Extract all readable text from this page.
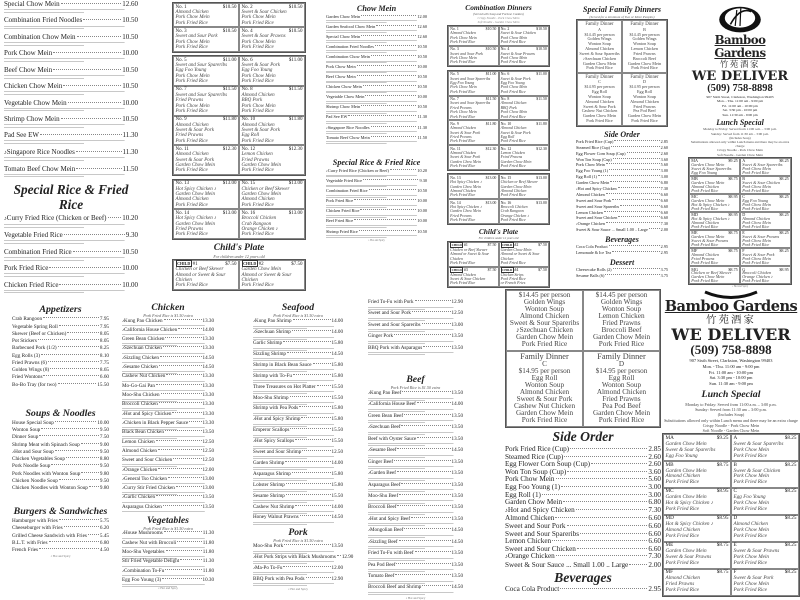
Special Chow Mein	12.60
Combination Fried Noodles	10.50
Combination Chow Mein	10.50
Pork Chow Mein	10.00
Beef Chow Mein	10.50
Chicken Chow Mein	10.50
Vegetable Chow Mein	10.00
Shrimp Chow Mein	10.50
Pad See EW	11.30
♪ Singapore Rice Noodles	11.30
Tomato Beef Chow Mein	11.50
Special Rice & Fried Rice
♪ Curry Fried Rice (Chicken or Beef) 10.20
Vegetable Fried Rice	9.30
Combination Fried Rice	10.50
Pork Fried Rice	10.00
Chicken Fried Rice	10.00
No. 1	$10.50
Almond Chicken
Pork Chow Mein
Pork Fried Rice
No. 2	$10.50
Sweet & Sour Chicken
Pork Chow Mein
Pork Fried Rice
No. 3	$10.50
Sweet and Sour Pork
Pork Chow Mein
Pork Fried Rice
No. 4	$10.50
Sweet & Sour Prawns
Pork Chow Mein
Pork Fried Rice
No. 5	$11.00
Sweet and Sour Spareribs
Egg Foo Young
Pork Chow Mein
Pork Fried Rice
No. 6	$11.00
Sweet & Sour Pork
Egg Foo Young
Pork Chow Mein
Pork Fried Rice
No. 7	$11.50
Sweet and Sour Spareribs
Fried Prawns
Pork Chow Mein
Pork Fried Rice
No. 8	$11.50
Almond Chicken
BBQ Pork
Pork Chow Mein
Pork Fried Rice
No. 9	$11.80
Almond Chicken
Sweet & Sour Pork
Fried Prawns
Pork Fried Rice
No. 10	$11.80
Almond Chicken
Sweet & Sour Pork
Egg Roll
Pork Fried Rice
No. 11	$12.30
Almond Chicken
Sweet & Sour Pork
Garden Chow Mein
Pork Fried Rice
No. 12	$12.30
Lemon Chicken
Fried Prawns
Garden Chow Mein
Pork Fried Rice
No. 13	$13.00
Hot Spicy Chicken ♪
Garden Chow Mein
Almond Chicken
Pork Fried Rice
No. 15	$13.00
Chicken or Beef Skewer
Garden Chow Mein
Almond Chicken
Pork Fried Rice
No. 14	$13.00
Hot Spicy Chicken ♪
Garden Chow Mein
Fried Prawns
Pork Fried Rice
No. 16	$13.00
Broccoli Chicken
Crab Rangoon
Orange Chicken ♪
Pork Fried Rice
Child's Plate
For children under 12 years old
CHILD #1	$7.50
Chicken or Beef Skewer
Almond or Sweet & Sour Chicken
Pork Fried Rice
CHILD #2	$7.50
Garden Chow Mein
Almond or Sweet & Sour Chicken
Pork Fried Rice
Chow Mein
Garden Chow Mein	12.00
Garden Seafood Chow Mein	12.60
Special Chow Mein	12.60
Combination Fried Noodles	10.50
Combination Chow Mein	10.50
Pork Chow Mein	10.00
Beef Chow Mein	10.50
Chicken Chow Mein	10.50
Vegetable Chow Mein	10.00
Shrimp Chow Mein	10.50
Pad See EW	11.30
♪ Singapore Rice Noodles	11.30
Tomato Beef Chow Mein	11.50
Special Rice & Fried Rice
♪ Curry Fried Rice (Chicken or Beef)	10.20
Vegetable Fried Rice	9.30
Combination Fried Rice	10.50
Pork Fried Rice	10.00
Chicken Fried Rice	10.00
Beef Fried Rice	10.00
Shrimp Fried Rice	10.50
♪ Hot and Spicy
Combination Dinners
(Served with Soup and Fortune Cookies)
Crispy Noodle - Pork Chow Mein
Soft Noodle - Garden Chow Mein
No. 1	$10.50
Almond Chicken
Pork Chow Mein
Pork Fried Rice
No. 2	$10.50
Sweet & Sour Chicken
Pork Chow Mein
Pork Fried Rice
No. 3	$10.50
Sweet and Sour Pork
Pork Chow Mein
Pork Fried Rice
No. 4	$10.50
Sweet & Sour Prawns
Pork Chow Mein
Pork Fried Rice
No. 5	$11.00
Sweet and Sour Spareribs
Egg Foo Young
Pork Chow Mein
Pork Fried Rice
No. 6	$11.00
Sweet & Sour Pork
Egg Foo Young
Pork Chow Mein
Pork Fried Rice
No. 7	$11.50
Sweet and Sour Spareribs
Fried Prawns
Pork Chow Mein
Pork Fried Rice
No. 8	$11.50
Almond Chicken
BBQ Pork
Pork Chow Mein
Pork Fried Rice
No. 9	$11.80
Almond Chicken
Sweet & Sour Pork
Fried Prawns
Pork Fried Rice
No. 10	$11.80
Almond Chicken
Sweet & Sour Pork
Egg Roll
Pork Fried Rice
No. 11	$12.30
Almond Chicken
Sweet & Sour Pork
Garden Chow Mein
Pork Fried Rice
No. 12	$12.30
Lemon Chicken
Fried Prawns
Garden Chow Mein
Pork Fried Rice
No. 13	$13.00
Hot Spicy Chicken ♪
Garden Chow Mein
Almond Chicken
Pork Fried Rice
No. 15	$13.00
Chicken or Beef Skewer
Garden Chow Mein
Almond Chicken
Pork Fried Rice
No. 14	$13.00
Hot Spicy Chicken ♪
Garden Chow Mein
Fried Prawns
Pork Fried Rice
No. 16	$13.00
Broccoli Chicken
Crab Rangoon
Orange Chicken ♪
Pork Fried Rice
Child's Plate
For children under 12 years old
CHILD #1	$7.50
Chicken or Beef Skewer
Almond or Sweet & Sour Chicken
Pork Fried Rice
CHILD #2	$7.50
Garden Chow Mein
Almond or Sweet & Sour Chicken
Pork Fried Rice
CHILD #3	$7.50
Almond Chicken
Sweet & Sour Chicken
Pork Fried Rice
CHILD #4	$7.50
Chicken Strips
Pork Fried Rice
or French Fries
Special Family Dinners
(Served for a minimum of Two or More Peoples)
Family Dinner
A
$14.45 per person
Golden Wings
Wonton Soup
Almond Chicken
Sweet & Sour Spareribs
♪Szechuan Chicken
Garden Chow Mein
Pork Fried Rice
Family Dinner
B
$14.45 per person
Golden Wings
Wonton Soup
Lemon Chicken
Fried Prawns
Broccoli Beef
Garden Chow Mein
Pork Fried Rice
Family Dinner
C
$14.95 per person
Egg Roll
Wonton Soup
Almond Chicken
Sweet & Sour Pork
Cashew Nut Chicken
Garden Chow Mein
Pork Fried Rice
Family Dinner
D
$14.95 per person
Egg Roll
Wonton Soup
Almond Chicken
Fried Prawns
Pea Pod Beef
Garden Chow Mein
Pork Fried Rice
Side Order
Pork Fried Rice (Cup)	2.85
Steamed Rice (Cup)	2.60
Egg Flower Corn Soup (Cup)	2.60
Won Ton Soup (Cup)	3.60
Pork Chow Mein	5.60
Egg Foo Young (1)	3.00
Egg Roll (1)	3.00
Garden Chow Mein	6.80
♪ Hot and Spicy Chicken	7.30
Almond Chicken	6.60
Sweet and Sour Pork	6.60
Sweet and Sour Spareribs	6.60
Lemon Chicken	6.60
Sweet and Sour Chicken	6.60
♪ Orange Chicken	7.30
Sweet & Sour Sauce ... Small 1.00 .. Large	2.00
Beverages
Coca Cola Product	2.95
Lemonade & Ice Tea	2.95
Dessert
Cheesecake Rolls (2)	3.75
Sesame Balls (6)	3.75
Bamboo Gardens
竹苑酒家
WE DELIVER
(509) 758-8898
907 Sixth Street, Clarkston, Washington 99403
Mon. - Thu. 11:00 am - 9:00 pm
Fri. 11:00 am - 10:00 pm
Sat. 3:30 pm - 10:00 pm
Sun. 11:30 am - 9:00 pm
Lunch Special
Monday to Friday: Served from 11:00 a.m. – 3:00 p.m.
Sunday: Served from 11:30 am – 3:00 p.m.
(Includes Soup)
Substitutions allowed only within Lunch menu and there may be an extra charge
Crispy Noodle - Pork Chow Mein
Soft Noodle - Garden Chow Mein
MA	$9.25
Garden Chow Mein
Sweet & Sour Spareribs
Egg Foo Young
A	$8.25
Sweet & Sour Spareribs
Pork Chow Mein
Pork Fried Rice
MB	$8.75
Garden Chow Mein
Almond Chicken
Pork Fried Rice
B	$8.25
Sweet & Sour Chicken
Pork Chow Mein
Pork Fried Rice
MC	$8.95
Garden Chow Mein
Hot & Spicy Chicken ♪
Pork Fried Rice
C	$8.25
Egg Foo Young
Pork Chow Mein
Pork Fried Rice
MD	$8.95
Hot & Spicy Chicken ♪
Almond Chicken
Pork Fried Rice
D	$8.25
Almond Chicken
Pork Chow Mein
Pork Fried Rice
ME	$8.75
Garden Chow Mein
Sweet & Sour Prawns
Pork Fried Rice
E	$8.25
Sweet & Sour Prawns
Pork Chow Mein
Pork Fried Rice
MF	$8.75
Almond Chicken
Fried Prawns
Pork Fried Rice
F	$8.25
Sweet & Sour Pork
Pork Chow Mein
Pork Fried Rice
MG	$8.75
Chicken or Beef Skewer
Garden Chow Mein
Pork Fried Rice
G	$8.95
Broccoli Chicken
Orange Chicken ♪
Pork Fried Rice
♪ Hot and Spicy
Appetizers
Crab Rangoon	7.95
Vegetable Spring Roll	7.95
Skewer (Beef or Chicken)	8.05
Pot Stickers	8.05
Barbecued Pork (1/2)	8.25
Egg Rolls (3)	8.10
Fried Prawns (6)	7.75
Golden Wings (8)	8.65
Fried Wontons	6.60
Bo-Bo Tray (for two)	15.50
Soups & Noodles
House Special Soup	10.00
Wonton Soup	9.50
Dinner Soup	7.50
Shrimp Meat with Spinach Soup	9.00
♪ Hot and Sour Soup	9.50
Chicken Vegetables Soup	8.80
Pork Noodle Soup	9.50
Pork Noodles with Wonton Soup	9.80
Chicken Noodle Soup	9.50
Chicken Noodles with Wonton Soup 9.80
Burgers & Sandwiches
Hamburger with Fries	5.75
Cheeseburger with Fries	6.20
Grilled Cheese Sandwich with Fries	5.45
B.L.T. with Fries	6.80
French Fries	4.50
♪ Hot and Spicy
Chicken
Pork Fried Rice is $1.50 extra
♪ Kung Pao Chicken	13.30
♪ California House Chicken	14.00
Green Bean Chicken	13.30
♪ Szechuan Chicken	13.30
♪ Sizzling Chicken	14.50
♪ Sesame Chicken	14.50
Cashew Nut Chicken	13.30
Mo-Go-Gai Pan	13.30
Moo-Shu Chicken	13.30
Broccoli Chicken	13.30
♪ Hot and Spicy Chicken	13.30
♪ Chicken in Black Pepper Sauce	13.30
Black Bean Chicken	13.50
Lemon Chicken	12.50
Almond Chicken	12.50
Sweet and Sour Chicken	12.50
♪ Orange Chicken	12.00
♪ General Tso Chicken	13.00
♪ Curry Stir Fried Chicken	13.00
♪ Garlic Chicken	13.50
Asparagus Chicken	13.50
Vegetables
Pork Fried Rice is $1.50 extra
♪ House Mushrooms	11.30
Cashew Nut with Broccoli	11.80
Moo-Shu Vegetables	11.80
Stir Fried Vegetable Delight	11.30
♪ Combination To-Fu	11.80
Egg Foo Young (3)	10.30
♪ Hot and Spicy
Seafood
Pork Fried Rice is $1.50 extra
♪ Kung Pao Shrimp	14.00
♪ Szechuan Shrimp	14.00
Garlic Shrimp	15.80
Sizzling Shrimp	14.50
Shrimp in Black Bean Sauce	15.80
Shrimp with To-Fu	15.80
Three Treasures on Hot Platter	15.50
Moo-Shu Shrimp	15.50
Shrimp with Pea Pods	15.80
♪ Hot and Spicy Shrimp	15.80
Emperor Scallops	15.50
♪ Hot Spicy Scallops	15.50
Sweet and Sour Shrimp	12.50
Garden Shrimp	14.00
Asparagus Shrimp	15.80
Lobster Shrimp	15.80
Sesame Shrimp	15.50
Cashew Nut Shrimp	14.00
Honey Walnut Prawns	14.50
Pork
Pork Fried Rice is $1.50 extra
Moo-Shu Pork	13.50
♪ Hot Pork Strips with Black Mushrooms 12.90
♪ Ma-Po To-Fu	12.00
BBQ Pork with Pea Pods	12.90
♪ Hot and Spicy
Fried To-Fu with Pork	12.90
Sweet and Sour Pork	12.50
Sweet and Sour Spareribs	13.00
Ginger Pork	13.50
BBQ Pork with Asparagus	13.50
Beef
Pork Fried Rice is $1.50 extra
♪ Kung Pao Beef	13.50
♪ California House Beef	14.00
Green Bean Beef	13.50
♪ Szechuan Beef	13.50
Beef with Oyster Sauce	13.50
♪ Sesame Beef	14.50
Ginger Beef	13.50
♪ Garden Beef	13.50
Asparagus Beef	13.50
Moo-Shu Beef	13.50
Broccoli Beef	13.50
♪ Hot and Spicy Beef	13.50
♪ Mongolian Beef	14.50
♪ Sizzling Beef	14.50
Fried To-Fu with Beef	13.50
Pea Pod Beef	13.50
Tomato Beef	13.50
Broccoli Beef and Shrimp	14.50
♪ Hot and Spicy
$14.45 per person
Golden Wings
Wonton Soup
Almond Chicken
Sweet & Sour Spareribs
♪Szechuan Chicken
Garden Chow Mein
Pork Fried Rice
$14.45 per person
Golden Wings
Wonton Soup
Lemon Chicken
Fried Prawns
Broccoli Beef
Garden Chow Mein
Pork Fried Rice
Family Dinner
C
$14.95 per person
Egg Roll
Wonton Soup
Almond Chicken
Sweet & Sour Pork
Cashew Nut Chicken
Garden Chow Mein
Pork Fried Rice
Family Dinner
D
$14.95 per person
Egg Roll
Wonton Soup
Almond Chicken
Fried Prawns
Pea Pod Beef
Garden Chow Mein
Pork Fried Rice
Side Order
Pork Fried Rice (Cup)	2.85
Steamed Rice (Cup)	2.60
Egg Flower Corn Soup (Cup)	2.60
Won Ton Soup (Cup)	3.60
Pork Chow Mein	5.60
Egg Foo Young (1)	3.00
Egg Roll (1)	3.00
Garden Chow Mein	6.80
♪ Hot and Spicy Chicken	7.30
Almond Chicken	6.60
Sweet and Sour Pork	6.60
Sweet and Sour Spareribs	6.60
Lemon Chicken	6.60
Sweet and Sour Chicken	6.60
♪ Orange Chicken	7.30
Sweet & Sour Sauce ... Small 1.00 .. Large	2.00
Beverages
Coca Cola Product	2.95
Bamboo Gardens
竹苑酒家
WE DELIVER
(509) 758-8898
907 Sixth Street, Clarkston, Washington 99403
Mon. - Thu. 11:00 am - 9:00 pm
Fri. 11:00 am - 10:00 pm
Sat. 3:30 pm - 10:00 pm
Sun. 11:30 am - 9:00 pm
Lunch Special
Monday to Friday: Served from 11:00 a.m. – 3:00 p.m.
Sunday: Served from 11:30 am – 3:00 p.m.
(Includes Soup)
Substitutions allowed only within Lunch menu and there may be an extra charge
Crispy Noodle - Pork Chow Mein
Soft Noodle - Garden Chow Mein
MA	$9.25
Garden Chow Mein
Sweet & Sour Spareribs
Egg Foo Young
A	$8.25
Sweet & Sour Spareribs
Pork Chow Mein
Pork Fried Rice
MB	$8.75
Garden Chow Mein
Almond Chicken
Pork Fried Rice
B	$8.25
Sweet & Sour Chicken
Pork Chow Mein
Pork Fried Rice
MC	$8.95
Garden Chow Mein
Hot & Spicy Chicken ♪
Pork Fried Rice
C	$8.25
Egg Foo Young
Pork Chow Mein
Pork Fried Rice
MD	$8.95
Hot & Spicy Chicken ♪
Almond Chicken
Pork Fried Rice
D	$8.25
Almond Chicken
Pork Chow Mein
Pork Fried Rice
ME	$8.75
Garden Chow Mein
Sweet & Sour Prawns
Pork Fried Rice
E	$8.25
Sweet & Sour Prawns
Pork Chow Mein
Pork Fried Rice
MF	$8.75
Almond Chicken
Fried Prawns
Pork Fried Rice
F	$8.25
Sweet & Sour Pork
Pork Chow Mein
Pork Fried Rice
